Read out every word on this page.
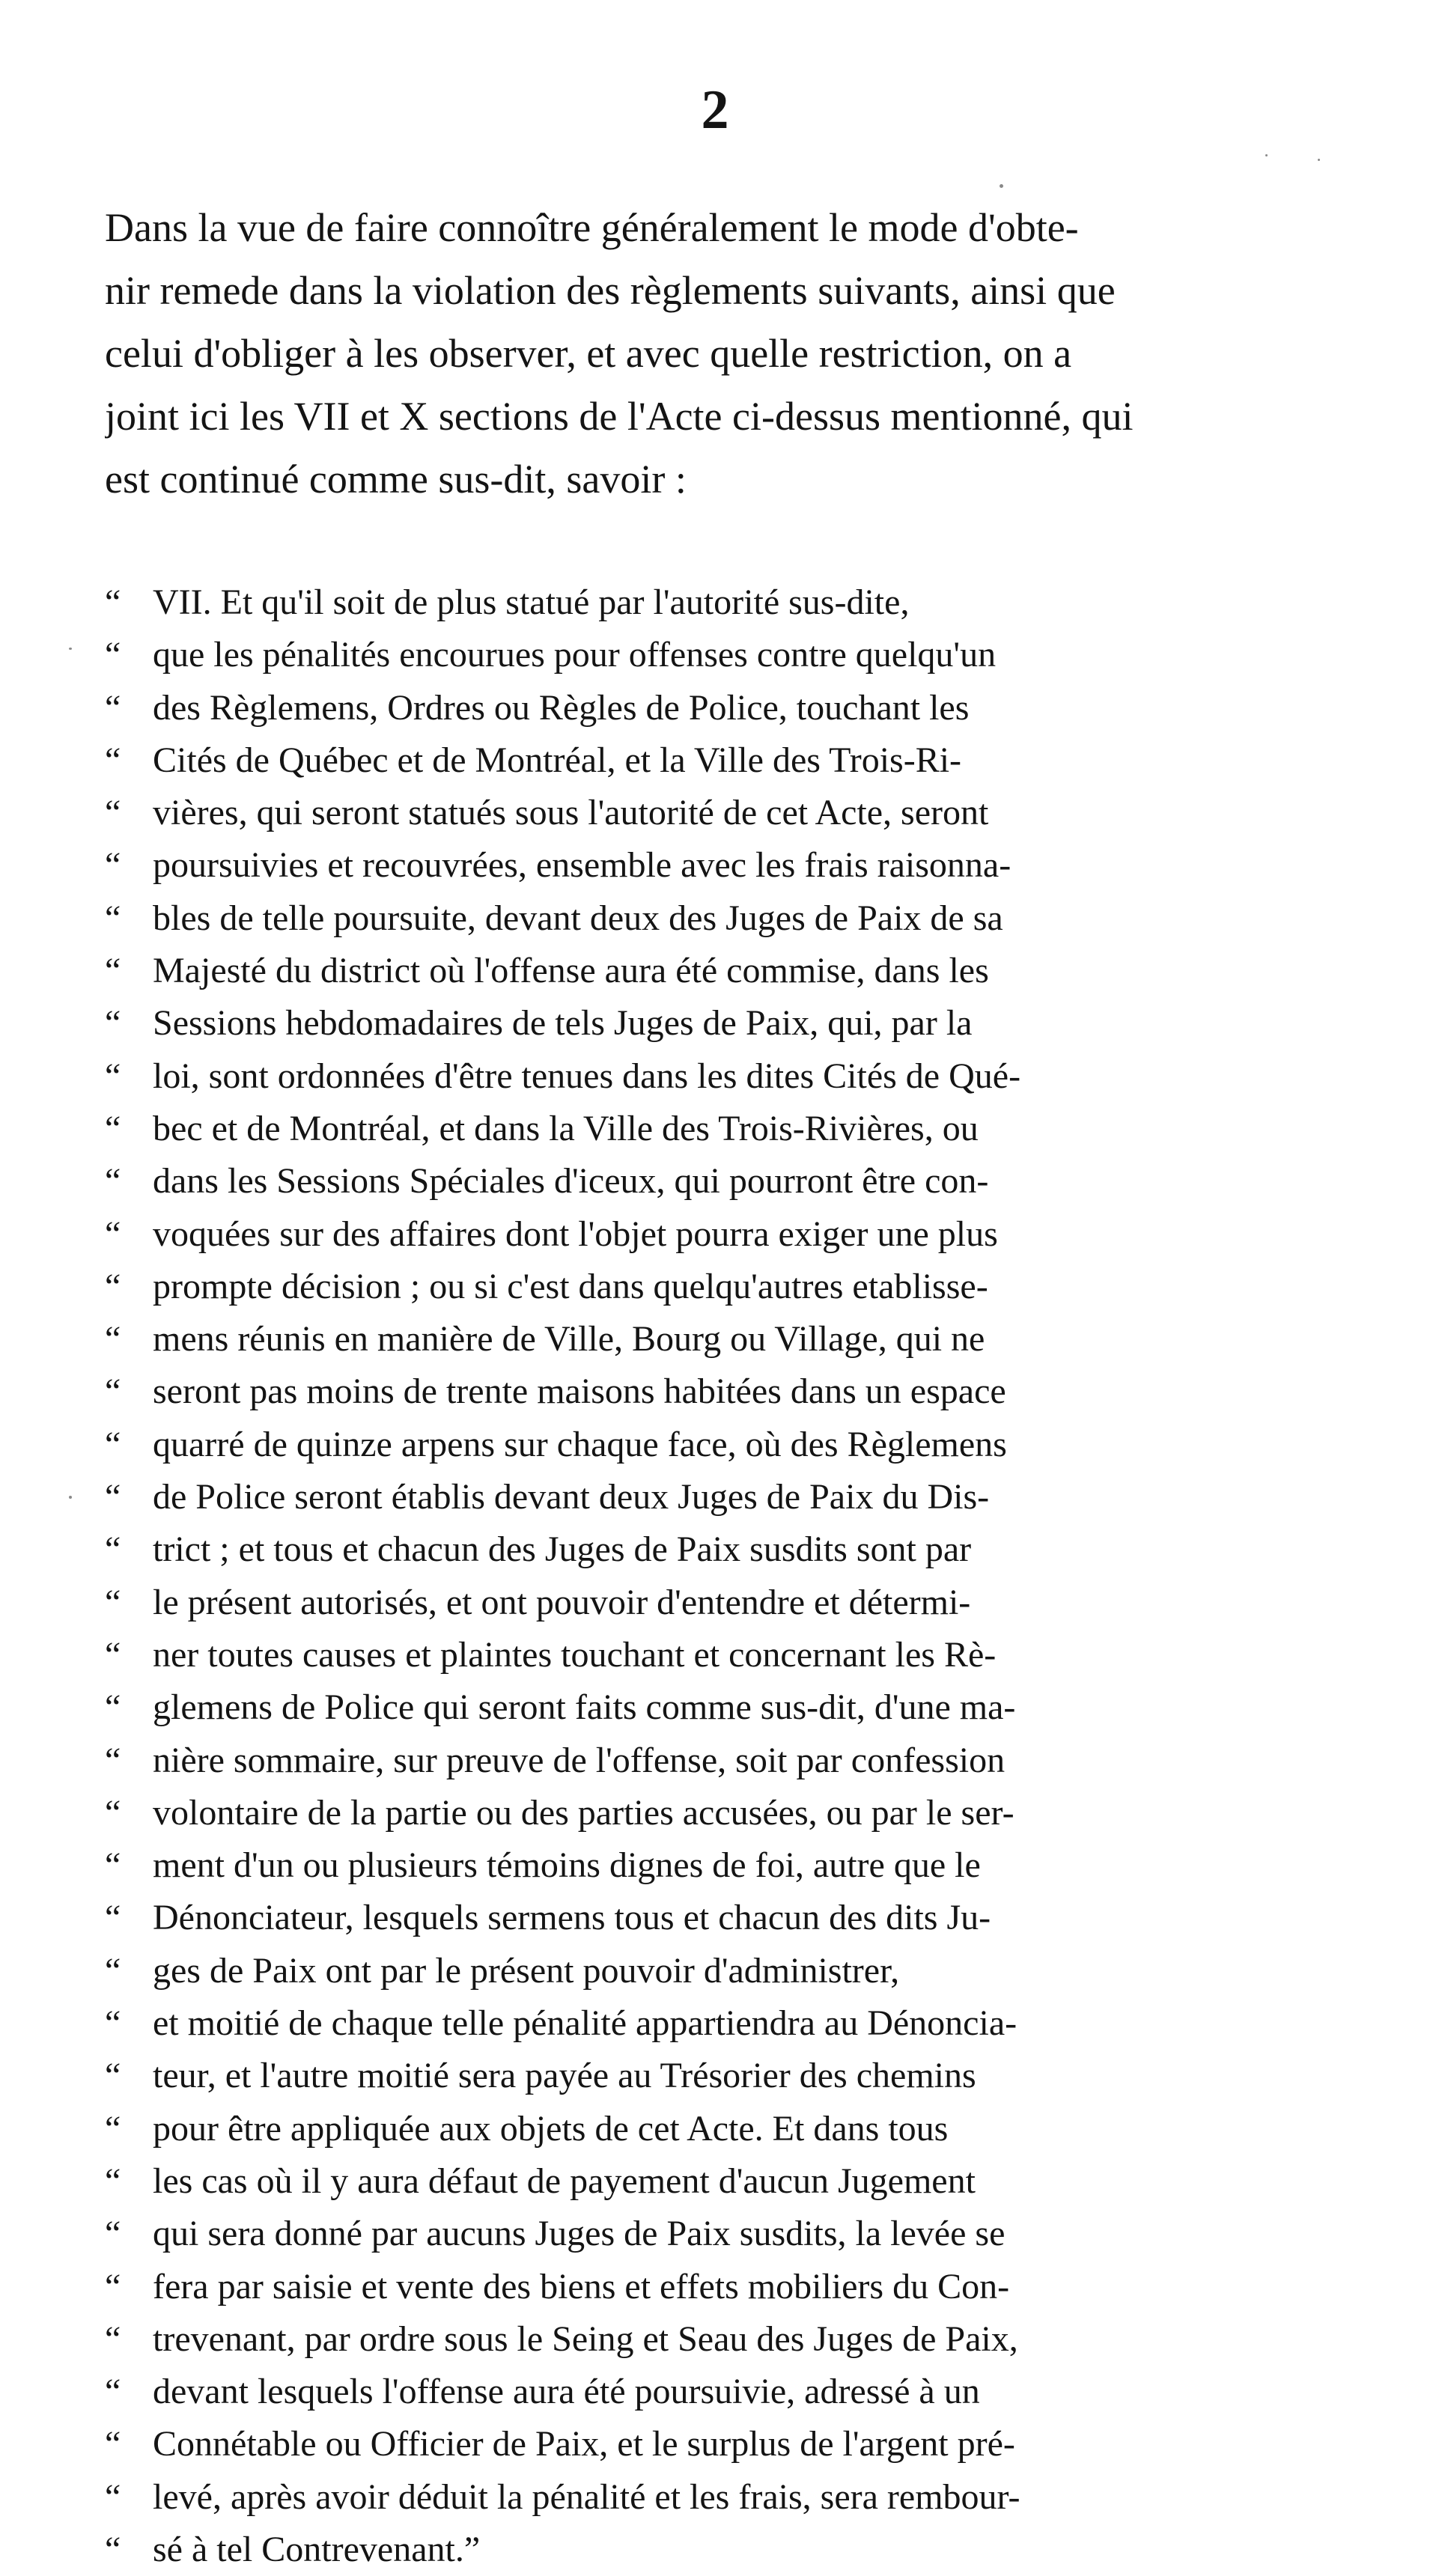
2
Dans la vue de faire connoître généralement le mode d'obte-
nir remede dans la violation des règlements suivants, ainsi que
celui d'obliger à les observer, et avec quelle restriction, on a
joint ici les VII et X sections de l'Acte ci-dessus mentionné, qui
est continué comme sus-dit, savoir :
“ VII. Et qu'il soit de plus statué par l'autorité sus-dite,
“ que les pénalités encourues pour offenses contre quelqu'un
“ des Règlemens, Ordres ou Règles de Police, touchant les
“ Cités de Québec et de Montréal, et la Ville des Trois-Ri-
“ vières, qui seront statués sous l'autorité de cet Acte, seront
“ poursuivies et recouvrées, ensemble avec les frais raisonna-
“ bles de telle poursuite, devant deux des Juges de Paix de sa
“ Majesté du district où l'offense aura été commise, dans les
“ Sessions hebdomadaires de tels Juges de Paix, qui, par la
“ loi, sont ordonnées d'être tenues dans les dites Cités de Qué-
“ bec et de Montréal, et dans la Ville des Trois-Rivières, ou
“ dans les Sessions Spéciales d'iceux, qui pourront être con-
“ voquées sur des affaires dont l'objet pourra exiger une plus
“ prompte décision ; ou si c'est dans quelqu'autres etablisse-
“ mens réunis en manière de Ville, Bourg ou Village, qui ne
“ seront pas moins de trente maisons habitées dans un espace
“ quarré de quinze arpens sur chaque face, où des Règlemens
“ de Police seront établis devant deux Juges de Paix du Dis-
“ trict ; et tous et chacun des Juges de Paix susdits sont par
“ le présent autorisés, et ont pouvoir d'entendre et détermi-
“ ner toutes causes et plaintes touchant et concernant les Rè-
“ glemens de Police qui seront faits comme sus-dit, d'une ma-
“ nière sommaire, sur preuve de l'offense, soit par confession
“ volontaire de la partie ou des parties accusées, ou par le ser-
“ ment d'un ou plusieurs témoins dignes de foi, autre que le
“ Dénonciateur, lesquels sermens tous et chacun des dits Ju-
“ ges de Paix ont par le présent pouvoir d'administrer,
“ et moitié de chaque telle pénalité appartiendra au Dénoncia-
“ teur, et l'autre moitié sera payée au Trésorier des chemins
“ pour être appliquée aux objets de cet Acte. Et dans tous
“ les cas où il y aura défaut de payement d'aucun Jugement
“ qui sera donné par aucuns Juges de Paix susdits, la levée se
“ fera par saisie et vente des biens et effets mobiliers du Con-
“ trevenant, par ordre sous le Seing et Seau des Juges de Paix,
“ devant lesquels l'offense aura été poursuivie, adressé à un
“ Connétable ou Officier de Paix, et le surplus de l'argent pré-
“ levé, après avoir déduit la pénalité et les frais, sera rembour-
“ sé à tel Contrevenant.”
